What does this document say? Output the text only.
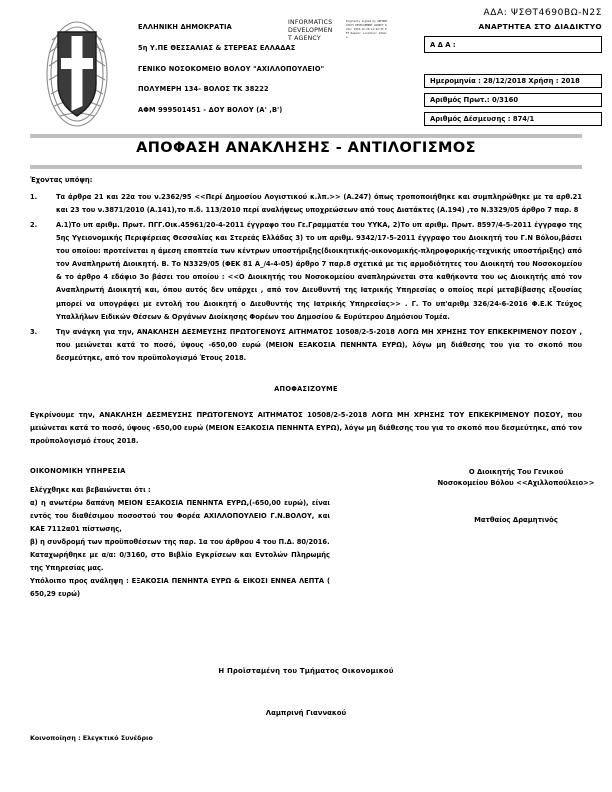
ΕΛΛΗΝΙΚΗ ΔΗΜΟΚΡΑΤΙΑ
5η Υ.ΠΕ ΘΕΣΣΑΛΙΑΣ & ΣΤΕΡΕΑΣ ΕΛΛΑΔΑΣ
ΓΕΝΙΚΟ ΝΟΣΟΚΟΜΕΙΟ ΒΟΛΟΥ "ΑΧΙΛΛΟΠΟΥΛΕΙΟ"
ΠΟΛΥΜΕΡΗ 134- ΒΟΛΟΣ ΤΚ 38222
ΑΦΜ 999501451 - ΔΟΥ ΒΟΛΟΥ (Α' ,Β')
INFORMATICS
DEVELOPMEN
T AGENCY
Digitally signed by INFORMATICS DEVELOPMENT AGENCY Date: 2018.12.28 11:42:33 EET Reason: Location: Athens
ΑΔΑ: ΨΣΘΤ4690ΒΩ-Ν2Σ
ΑΝΑΡΤΗΤΕΑ ΣΤΟ ΔΙΑΔΙΚΤΥΟ
Α Δ Α :
Ημερομηνία : 28/12/2018 Χρήση : 2018
Αριθμός Πρωτ.: 0/3160
Αριθμός Δέσμευσης : 874/1
ΑΠΟΦΑΣΗ ΑΝΑΚΛΗΣΗΣ - ΑΝΤΙΛΟΓΙΣΜΟΣ
Έχοντας υπόψη:
1.	Τα άρθρα 21 και 22α του ν.2362/95 <<Περί Δημοσίου Λογιστικού κ.λπ.>> (Α.247) όπως τροποποιήθηκε και συμπληρώθηκε με τα αρθ.21 και 23 του ν.3871/2010 (Α.141),το π.δ. 113/2010 περί αναλήψεως υποχρεώσεων από τους Διατάκτες (Α.194) ,το Ν.3329/05 άρθρο 7 παρ. 8
2.	Α.1)Το υπ αριθμ. Πρωτ. ΠΓΓ.Οικ.45961/20-4-2011 έγγραφο του Γε.Γραμματέα του ΥΥΚΑ, 2)Το υπ αριθμ. Πρωτ. 8597/4-5-2011 έγγραφο της 5ης Υγειονομικής Περιφέρειας Θεσσαλίας και Στερεάς Ελλάδας 3) το υπ αριθμ. 9342/17-5-2011 έγγραφο του Διοικητή του Γ.Ν Βόλου,βάσει του οποίου: προτείνεται η άμεση εποπτεία των κέντρων υποστήριξης(διοικητικής-οικονομικής-πληροφορικής-τεχνικής υποστήριξης) από τον Αναπληρωτή Διοικητή. Β. Το Ν3329/05 (ΦΕΚ 81 Α_/4-4-05) άρθρο 7 παρ.8 σχετικά με τις αρμοδιότητες του Διοικητή του Νοσοκομείου & το άρθρο 4 εδάφιο 3ο βάσει του οποίου : <<Ο Διοικητής του Νοσοκομείου αναπληρώνεται στα καθήκοντα του ως Διοικητής από τον Αναπληρωτή Διοικητή και, όπου αυτός δεν υπάρχει , από τον Διευθυντή της Ιατρικής Υπηρεσίας ο οποίος περί μεταβίβασης εξουσίας μπορεί να υπογράφει με εντολή του Διοικητή ο Διευθυντής της Ιατρικής Υπηρεσίας>> . Γ. Το υπ'αριθμ 326/24-6-2016 Φ.Ε.Κ Τεύχος Υπαλλήλων Ειδικών Θέσεων & Οργάνων Διοίκησης Φορέων του Δημοσίου & Ευρύτερου Δημόσιου Τομέα.
3.	Την ανάγκη για την, ΑΝΑΚΛΗΣΗ ΔΕΣΜΕΥΣΗΣ ΠΡΩΤΟΓΕΝΟΥΣ ΑΙΤΗΜΑΤΟΣ 10508/2-5-2018 ΛΟΓΩ ΜΗ ΧΡΗΣΗΣ ΤΟΥ ΕΠΚΕΚΡΙΜΕΝΟΥ ΠΟΣΟΥ , που μειώνεται κατά το ποσό, ύψους -650,00 ευρώ (ΜΕΙΟΝ ΕΞΑΚΟΣΙΑ ΠΕΝΗΝΤΑ ΕΥΡΩ), λόγω μη διάθεσης του για το σκοπό που δεσμεύτηκε, από τον προϋπολογισμό Έτους 2018.
ΑΠΟΦΑΣΙΖΟΥΜΕ
Εγκρίνουμε την, ΑΝΑΚΛΗΣΗ ΔΕΣΜΕΥΣΗΣ ΠΡΩΤΟΓΕΝΟΥΣ ΑΙΤΗΜΑΤΟΣ 10508/2-5-2018 ΛΟΓΩ ΜΗ ΧΡΗΣΗΣ ΤΟΥ ΕΠΚΕΚΡΙΜΕΝΟΥ ΠΟΣΟΥ, που μειώνεται κατά το ποσό, ύψους -650,00 ευρώ (ΜΕΙΟΝ ΕΞΑΚΟΣΙΑ ΠΕΝΗΝΤΑ ΕΥΡΩ), λόγω μη διάθεσης του για το σκοπό που δεσμεύτηκε, από τον προϋπολογισμό έτους 2018.
ΟΙΚΟΝΟΜΙΚΗ ΥΠΗΡΕΣΙΑ
Ελέγχθηκε και βεβαιώνεται ότι :
α) η ανωτέρω δαπάνη ΜΕΙΟΝ ΕΞΑΚΟΣΙΑ ΠΕΝΗΝΤΑ ΕΥΡΩ,(-650,00 ευρώ), είναι εντός του διαθέσιμου ποσοστού του Φορέα ΑΧΙΛΛΟΠΟΥΛΕΙΟ Γ.Ν.ΒΟΛΟΥ, και ΚΑΕ 7112α01 πίστωσης,
β) η συνδρομή των προϋποθέσεων της παρ. 1α του άρθρου 4 του Π.Δ. 80/2016.
Καταχωρήθηκε με α/α: 0/3160, στο Βιβλίο Εγκρίσεων και Εντολών Πληρωμής της Υπηρεσίας μας.
Υπόλοιπο προς ανάληψη : ΕΞΑΚΟΣΙΑ ΠΕΝΗΝΤΑ ΕΥΡΩ & ΕΙΚΟΣΙ ΕΝΝΕΑ ΛΕΠΤΑ ( 650,29 ευρώ)
Ο Διοικητής Του Γενικού
Νοσοκομείου Βόλου <<Αχιλλοπούλειο>>
Ματθαίος Δραμητινός
Η Προϊσταμένη του Τμήματος Οικονομικού
Λαμπρινή Γιαννακού
Κοινοποίηση : Ελεγκτικό Συνέδριο
